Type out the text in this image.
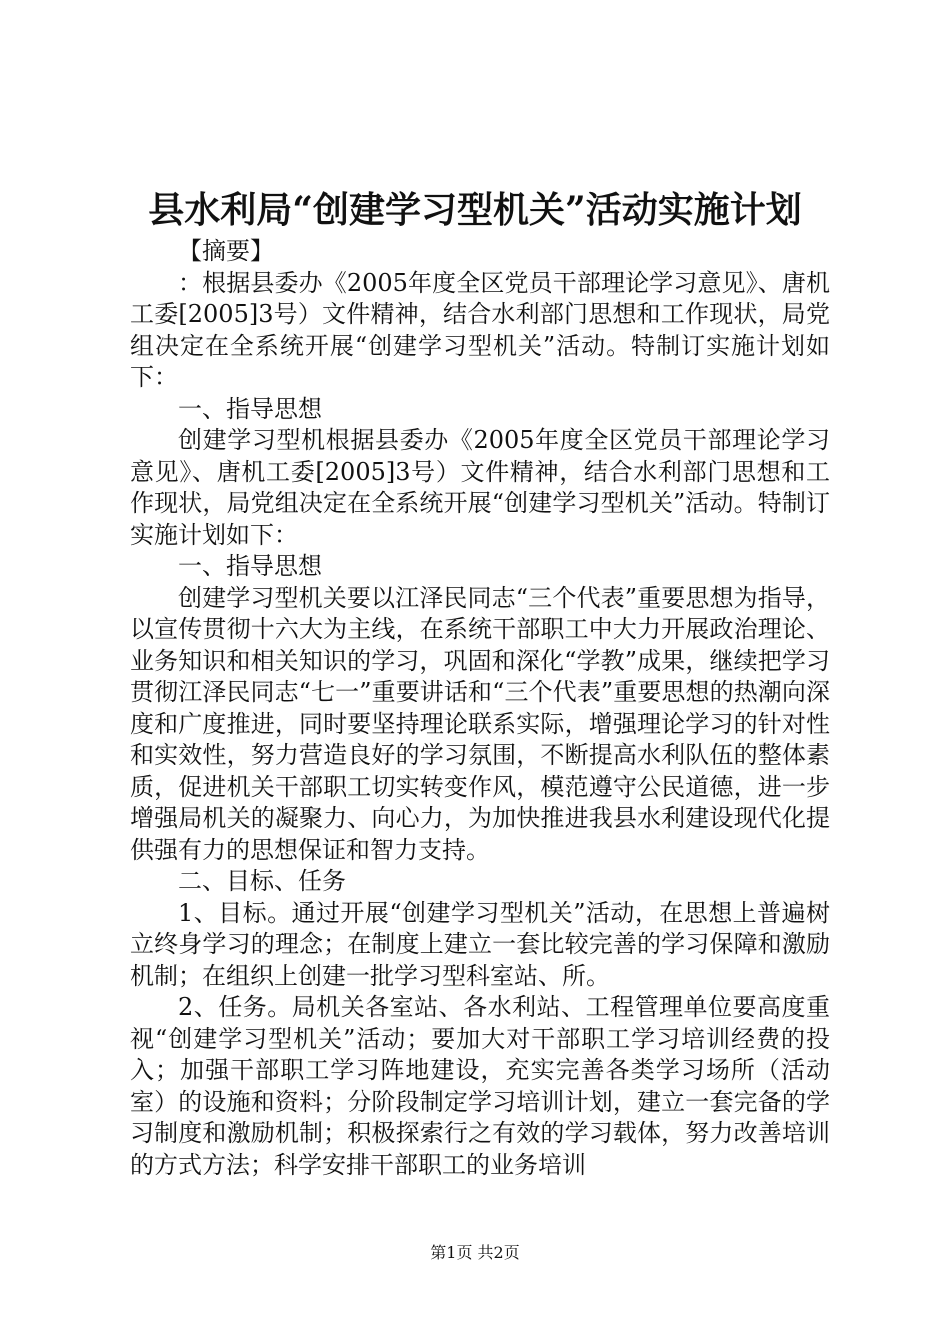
县水利局“创建学习型机关”活动实施计划

【摘要】

：根据县委办《2005年度全区党员干部理论学习意见》、唐机工委[2005]3号）文件精神，结合水利部门思想和工作现状，局党组决定在全系统开展“创建学习型机关”活动。特制订实施计划如下：

一、指导思想

创建学习型机根据县委办《2005年度全区党员干部理论学习意见》、唐机工委[2005]3号）文件精神，结合水利部门思想和工作现状，局党组决定在全系统开展“创建学习型机关”活动。特制订实施计划如下：

一、指导思想

创建学习型机关要以江泽民同志“三个代表”重要思想为指导，以宣传贯彻十六大为主线，在系统干部职工中大力开展政治理论、业务知识和相关知识的学习，巩固和深化“学教”成果，继续把学习贯彻江泽民同志“七一”重要讲话和“三个代表”重要思想的热潮向深度和广度推进，同时要坚持理论联系实际，增强理论学习的针对性和实效性，努力营造良好的学习氛围，不断提高水利队伍的整体素质，促进机关干部职工切实转变作风，模范遵守公民道德，进一步增强局机关的凝聚力、向心力，为加快推进我县水利建设现代化提供强有力的思想保证和智力支持。

二、目标、任务

1、目标。通过开展“创建学习型机关”活动，在思想上普遍树立终身学习的理念；在制度上建立一套比较完善的学习保障和激励机制；在组织上创建一批学习型科室站、所。

2、任务。局机关各室站、各水利站、工程管理单位要高度重视“创建学习型机关”活动；要加大对干部职工学习培训经费的投入；加强干部职工学习阵地建设，充实完善各类学习场所（活动室）的设施和资料；分阶段制定学习培训计划，建立一套完备的学习制度和激励机制；积极探索行之有效的学习载体，努力改善培训的方式方法；科学安排干部职工的业务培训

第1页 共2页
